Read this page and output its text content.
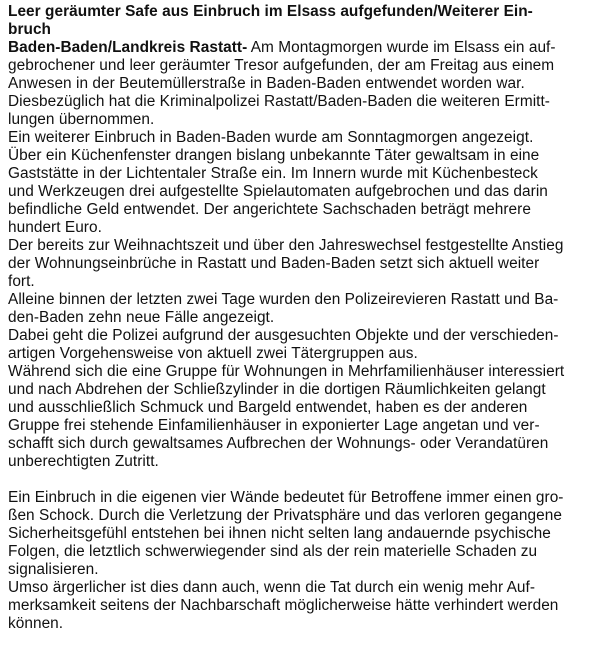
Leer geräumter Safe aus Einbruch im Elsass aufgefunden/Weiterer Ein-
bruch
Baden-Baden/Landkreis Rastatt- Am Montagmorgen wurde im Elsass ein auf-
gebrochener und leer geräumter Tresor aufgefunden, der am Freitag aus einem
Anwesen in der Beutemüllerstraße in Baden-Baden entwendet worden war.
Diesbezüglich hat die Kriminalpolizei Rastatt/Baden-Baden die weiteren Ermitt-
lungen übernommen.
Ein weiterer Einbruch in Baden-Baden wurde am Sonntagmorgen angezeigt.
Über ein Küchenfenster drangen bislang unbekannte Täter gewaltsam in eine
Gaststätte in der Lichtentaler Straße ein. Im Innern wurde mit Küchenbesteck
und Werkzeugen drei aufgestellte Spielautomaten aufgebrochen und das darin
befindliche Geld entwendet. Der angerichtete Sachschaden beträgt mehrere
hundert Euro.
Der bereits zur Weihnachtszeit und über den Jahreswechsel festgestellte Anstieg
der Wohnungseinbrüche in Rastatt und Baden-Baden setzt sich aktuell weiter
fort.
Alleine binnen der letzten zwei Tage wurden den Polizeirevieren Rastatt und Ba-
den-Baden zehn neue Fälle angezeigt.
Dabei geht die Polizei aufgrund der ausgesuchten Objekte und der verschieden-
artigen Vorgehensweise von aktuell zwei Tätergruppen aus.
Während sich die eine Gruppe für Wohnungen in Mehrfamilienhäuser interessiert
und nach Abdrehen der Schließzylinder in die dortigen Räumlichkeiten gelangt
und ausschließlich Schmuck und Bargeld entwendet, haben es der anderen
Gruppe frei stehende Einfamilienhäuser in exponierter Lage angetan und ver-
schafft sich durch gewaltsames Aufbrechen der Wohnungs- oder Verandatüren
unberechtigten Zutritt.
Ein Einbruch in die eigenen vier Wände bedeutet für Betroffene immer einen gro-
ßen Schock. Durch die Verletzung der Privatsphäre und das verloren gegangene
Sicherheitsgefühl entstehen bei ihnen nicht selten lang andauernde psychische
Folgen, die letztlich schwerwiegender sind als der rein materielle Schaden zu
signalisieren.
Umso ärgerlicher ist dies dann auch, wenn die Tat durch ein wenig mehr Auf-
merksamkeit seitens der Nachbarschaft möglicherweise hätte verhindert werden
können.
